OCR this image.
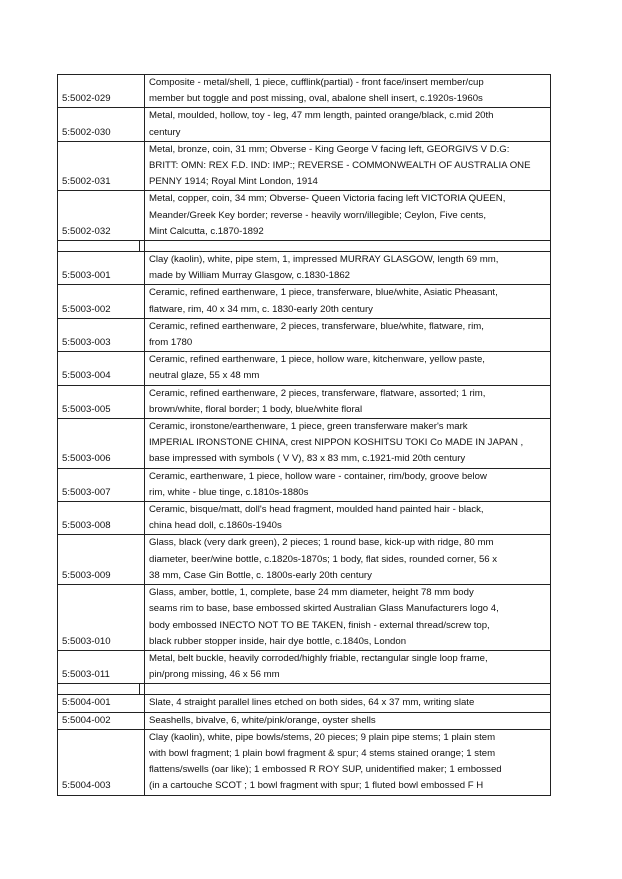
5:5002-029		Composite - metal/shell, 1 piece, cufflink(partial) - front face/insert member/cup
member but toggle and post missing, oval, abalone shell insert, c.1920s-1960s

5:5002-030		Metal, moulded, hollow, toy - leg, 47 mm length, painted orange/black, c.mid 20th
century

5:5002-031		Metal, bronze, coin, 31 mm; Obverse - King George V facing left, GEORGIVS V D.G:
BRITT: OMN: REX F.D. IND: IMP:; REVERSE - COMMONWEALTH OF AUSTRALIA ONE
PENNY 1914; Royal Mint London, 1914

5:5002-032		Metal, copper, coin, 34 mm; Obverse- Queen Victoria facing left VICTORIA QUEEN,
Meander/Greek Key border; reverse - heavily worn/illegible; Ceylon, Five cents,
Mint Calcutta, c.1870-1892

5:5003-001		Clay (kaolin), white, pipe stem, 1, impressed MURRAY GLASGOW, length 69 mm,
made by William Murray Glasgow, c.1830-1862

5:5003-002		Ceramic, refined earthenware, 1 piece, transferware, blue/white, Asiatic Pheasant,
flatware, rim, 40 x 34 mm, c. 1830-early 20th century

5:5003-003		Ceramic, refined earthenware, 2 pieces, transferware, blue/white, flatware, rim,
from 1780

5:5003-004		Ceramic, refined earthenware, 1 piece, hollow ware, kitchenware, yellow paste,
neutral glaze, 55 x 48 mm

5:5003-005		Ceramic, refined earthenware, 2 pieces, transferware, flatware, assorted; 1 rim,
brown/white, floral border; 1 body, blue/white floral

5:5003-006		Ceramic, ironstone/earthenware, 1 piece, green transferware maker's mark
IMPERIAL IRONSTONE CHINA, crest NIPPON KOSHITSU TOKI Co MADE IN JAPAN ,
base impressed with symbols ( V V), 83 x 83 mm, c.1921-mid 20th century

5:5003-007		Ceramic, earthenware, 1 piece, hollow ware - container, rim/body, groove below
rim, white - blue tinge, c.1810s-1880s

5:5003-008		Ceramic, bisque/matt, doll's head fragment, moulded hand painted hair - black,
china head doll, c.1860s-1940s

5:5003-009		Glass, black (very dark green), 2 pieces; 1 round base, kick-up with ridge, 80 mm
diameter, beer/wine bottle, c.1820s-1870s; 1 body, flat sides, rounded corner, 56 x
38 mm, Case Gin Bottle, c. 1800s-early 20th century

5:5003-010		Glass, amber, bottle, 1, complete, base 24 mm diameter, height 78 mm body
seams rim to base, base embossed skirted Australian Glass Manufacturers logo 4,
body embossed INECTO NOT TO BE TAKEN, finish - external thread/screw top,
black rubber stopper inside, hair dye bottle, c.1840s, London

5:5003-011		Metal, belt buckle, heavily corroded/highly friable, rectangular single loop frame,
pin/prong missing, 46 x 56 mm

5:5004-001		Slate, 4 straight parallel lines etched on both sides, 64 x 37 mm, writing slate

5:5004-002		Seashells, bivalve, 6, white/pink/orange, oyster shells

5:5004-003		Clay (kaolin), white, pipe bowls/stems, 20 pieces; 9 plain pipe stems; 1 plain stem
with bowl fragment; 1 plain bowl fragment & spur; 4 stems stained orange; 1 stem
flattens/swells (oar like); 1 embossed R ROY SUP, unidentified maker; 1 embossed
(in a cartouche SCOT ; 1 bowl fragment with spur; 1 fluted bowl embossed F H
